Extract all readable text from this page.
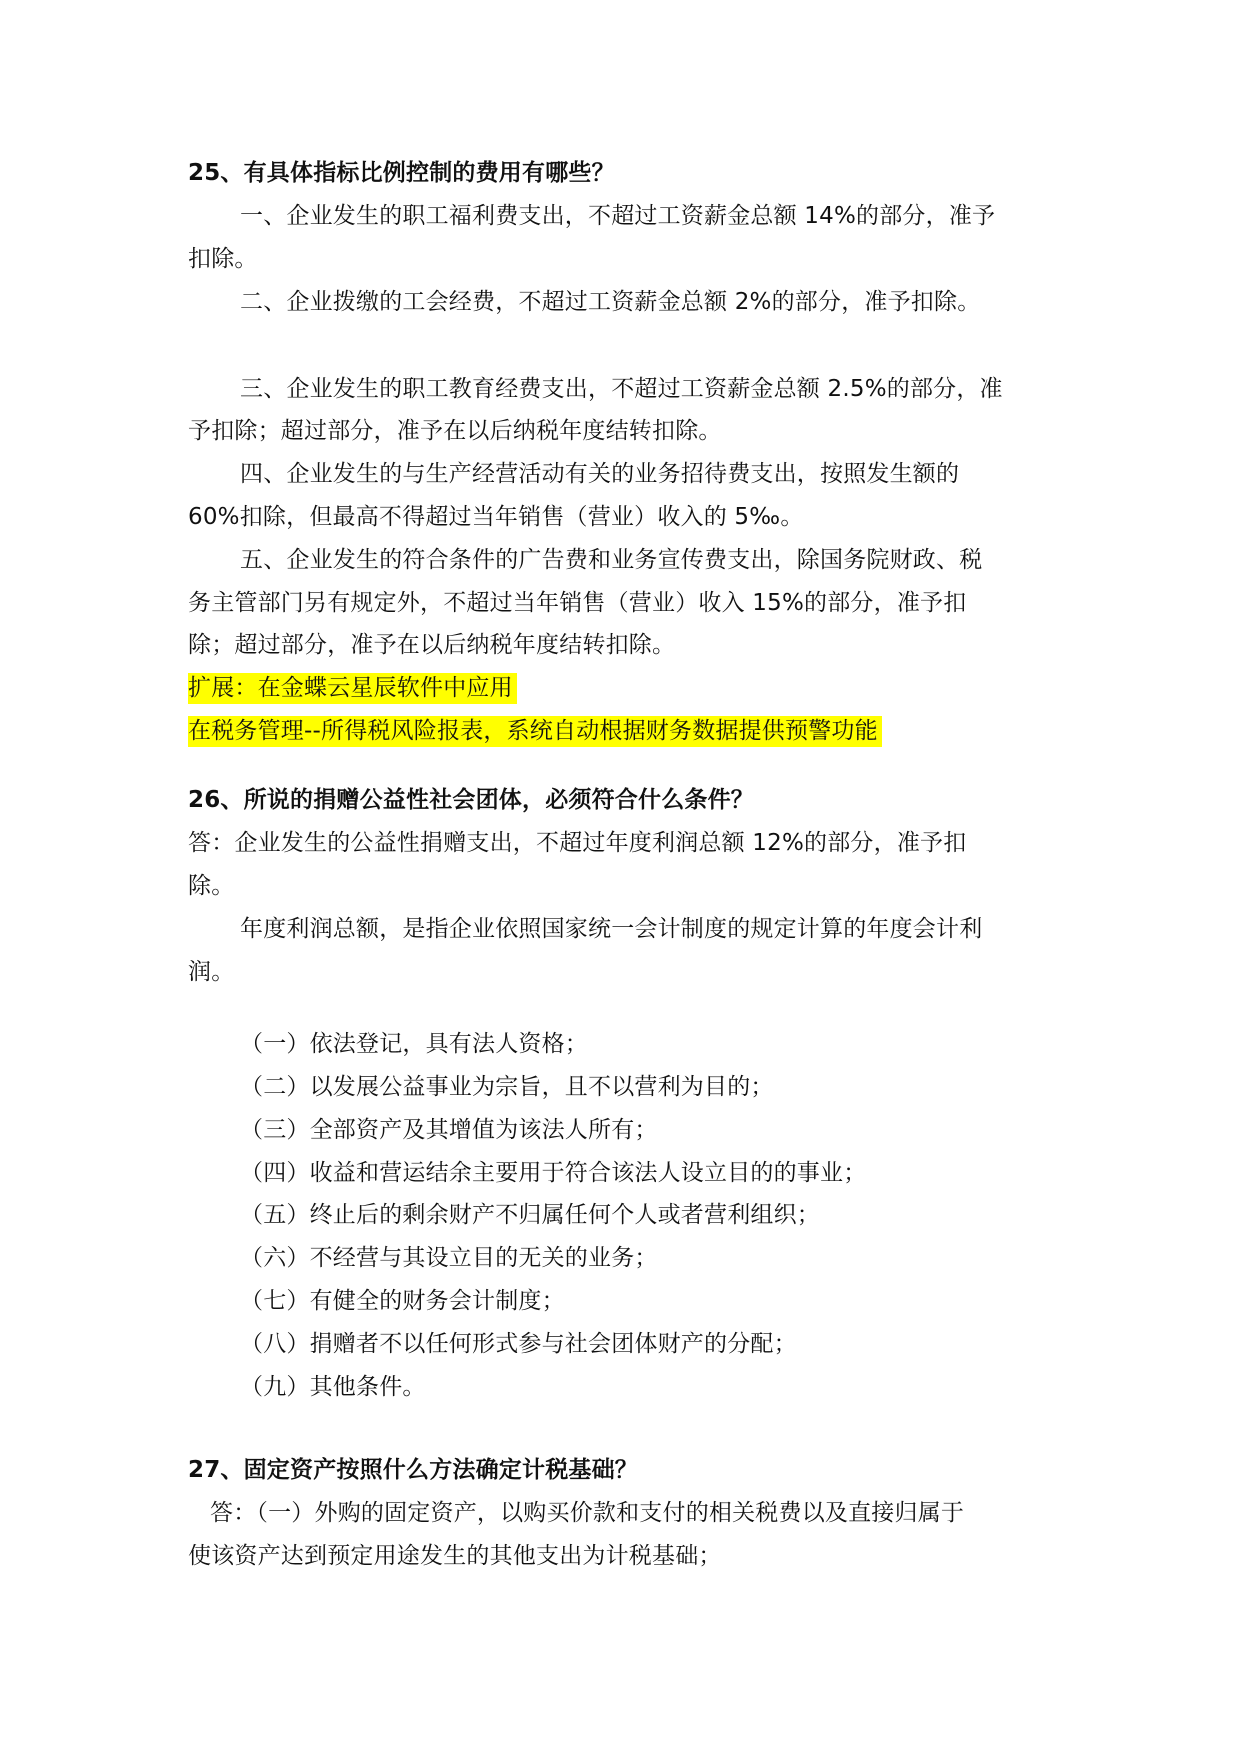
25、有具体指标比例控制的费用有哪些？
一、企业发生的职工福利费支出，不超过工资薪金总额 14%的部分，准予
扣除。
二、企业拨缴的工会经费，不超过工资薪金总额 2%的部分，准予扣除。
三、企业发生的职工教育经费支出，不超过工资薪金总额 2.5%的部分，准
予扣除；超过部分，准予在以后纳税年度结转扣除。
四、企业发生的与生产经营活动有关的业务招待费支出，按照发生额的
60%扣除，但最高不得超过当年销售（营业）收入的 5‰。
五、企业发生的符合条件的广告费和业务宣传费支出，除国务院财政、税
务主管部门另有规定外，不超过当年销售（营业）收入 15%的部分，准予扣
除；超过部分，准予在以后纳税年度结转扣除。
扩展：在金蝶云星辰软件中应用
在税务管理--所得税风险报表，系统自动根据财务数据提供预警功能
26、所说的捐赠公益性社会团体，必须符合什么条件？
答：企业发生的公益性捐赠支出，不超过年度利润总额 12%的部分，准予扣
除。
年度利润总额，是指企业依照国家统一会计制度的规定计算的年度会计利
润。
（一）依法登记，具有法人资格；
（二）以发展公益事业为宗旨，且不以营利为目的；
（三）全部资产及其增值为该法人所有；
（四）收益和营运结余主要用于符合该法人设立目的的事业；
（五）终止后的剩余财产不归属任何个人或者营利组织；
（六）不经营与其设立目的无关的业务；
（七）有健全的财务会计制度；
（八）捐赠者不以任何形式参与社会团体财产的分配；
（九）其他条件。
27、固定资产按照什么方法确定计税基础？
答：（一）外购的固定资产，以购买价款和支付的相关税费以及直接归属于
使该资产达到预定用途发生的其他支出为计税基础；
